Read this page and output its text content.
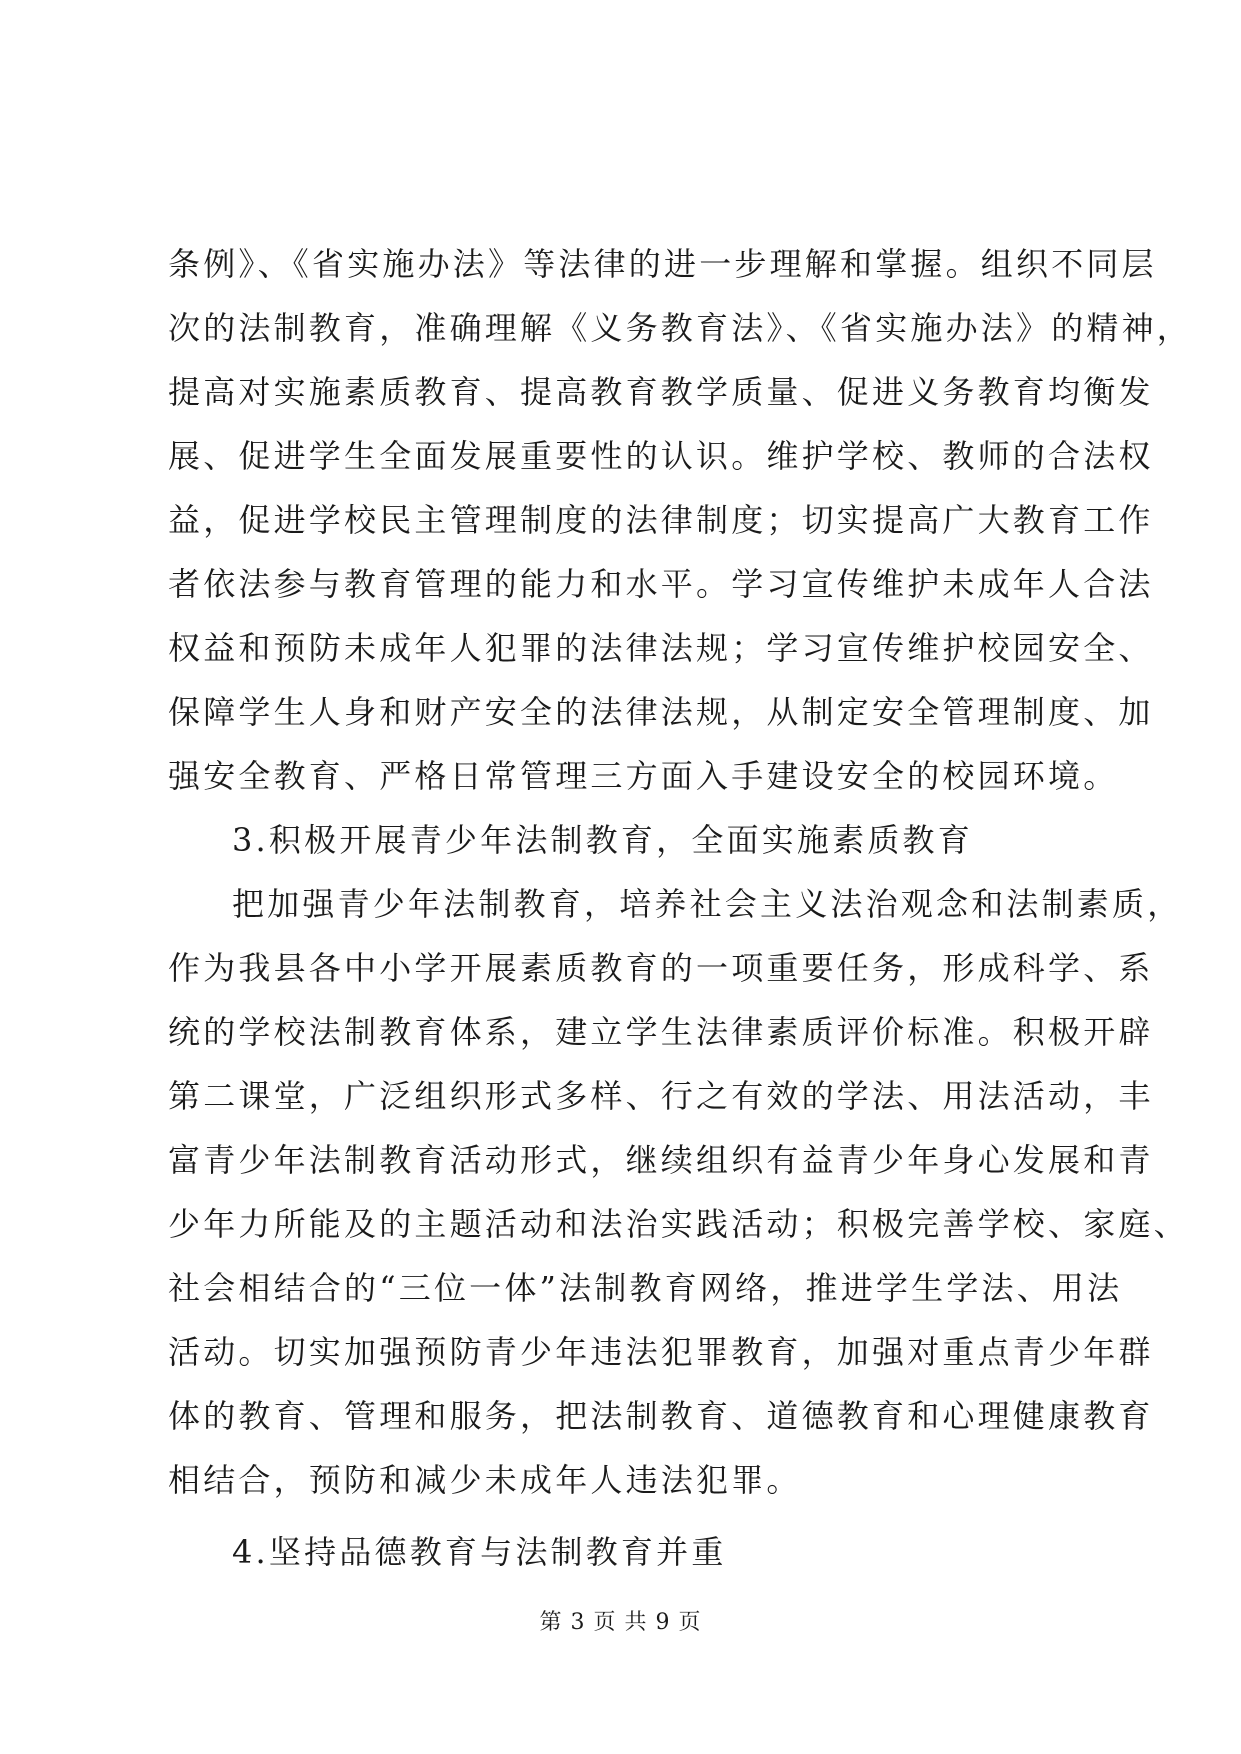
条例》、《省实施办法》等法律的进一步理解和掌握。组织不同层
次的法制教育，准确理解《义务教育法》、《省实施办法》的精神，
提高对实施素质教育、提高教育教学质量、促进义务教育均衡发
展、促进学生全面发展重要性的认识。维护学校、教师的合法权
益，促进学校民主管理制度的法律制度；切实提高广大教育工作
者依法参与教育管理的能力和水平。学习宣传维护未成年人合法
权益和预防未成年人犯罪的法律法规；学习宣传维护校园安全、
保障学生人身和财产安全的法律法规，从制定安全管理制度、加
强安全教育、严格日常管理三方面入手建设安全的校园环境。
3.积极开展青少年法制教育，全面实施素质教育
把加强青少年法制教育，培养社会主义法治观念和法制素质，
作为我县各中小学开展素质教育的一项重要任务，形成科学、系
统的学校法制教育体系，建立学生法律素质评价标准。积极开辟
第二课堂，广泛组织形式多样、行之有效的学法、用法活动，丰
富青少年法制教育活动形式，继续组织有益青少年身心发展和青
少年力所能及的主题活动和法治实践活动；积极完善学校、家庭、
社会相结合的“三位一体”法制教育网络，推进学生学法、用法
活动。切实加强预防青少年违法犯罪教育，加强对重点青少年群
体的教育、管理和服务，把法制教育、道德教育和心理健康教育
相结合，预防和减少未成年人违法犯罪。
4.坚持品德教育与法制教育并重
第 3 页 共 9 页
